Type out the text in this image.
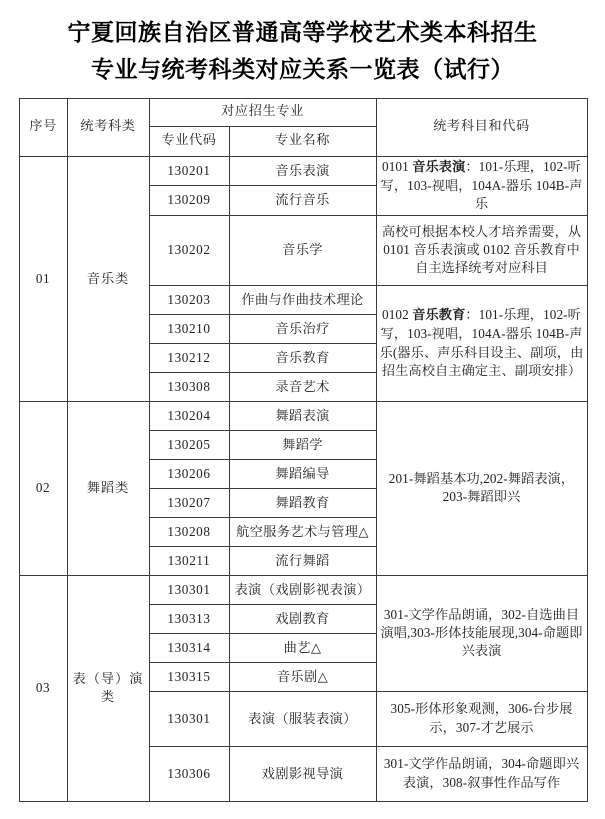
宁夏回族自治区普通高等学校艺术类本科招生
专业与统考科类对应关系一览表（试行）
序号	统考科类	对应招生专业		统考科目和代码
		专业代码	专业名称	
01	音乐类	130201	音乐表演	0101 音乐表演：101-乐理，102-听写，103-视唱，104A-器乐 104B-声乐
		130209	流行音乐	
		130202	音乐学	高校可根据本校人才培养需要，从 0101 音乐表演或 0102 音乐教育中自主选择统考对应科目
		130203	作曲与作曲技术理论	0102 音乐教育：101-乐理，102-听写，103-视唱，104A-器乐 104B-声乐(器乐、声乐科目设主、副项，由招生高校自主确定主、副项安排）
		130210	音乐治疗	
		130212	音乐教育	
		130308	录音艺术	
02	舞蹈类	130204	舞蹈表演	201-舞蹈基本功,202-舞蹈表演，203-舞蹈即兴
		130205	舞蹈学	
		130206	舞蹈编导	
		130207	舞蹈教育	
		130208	航空服务艺术与管理△	
		130211	流行舞蹈	
03	表（导）演类	130301	表演（戏剧影视表演）	301-文学作品朗诵，302-自选曲目演唱,303-形体技能展现,304-命题即兴表演
		130313	戏剧教育	
		130314	曲艺△	
		130315	音乐剧△	
		130301	表演（服装表演）	305-形体形象观测，306-台步展示，307-才艺展示
		130306	戏剧影视导演	301-文学作品朗诵，304-命题即兴表演，308-叙事性作品写作
